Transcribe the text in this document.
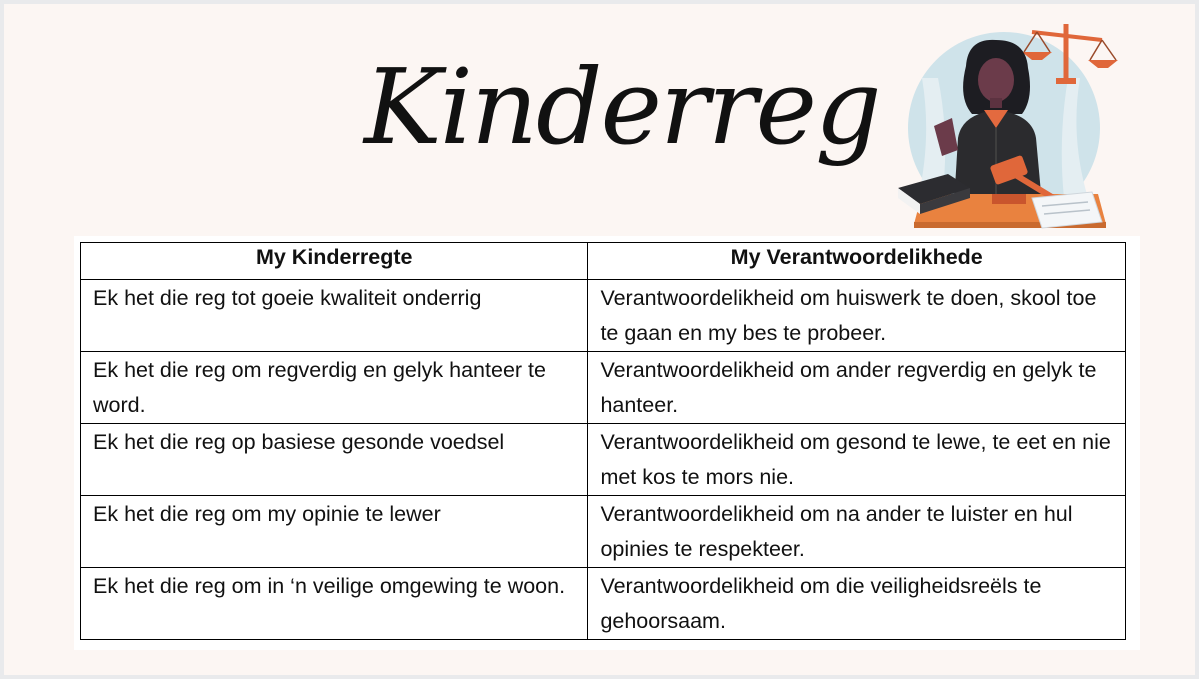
Kinderreg
My Kinderregte	My Verantwoordelikhede
Ek het die reg tot goeie kwaliteit onderrig	Verantwoordelikheid om huiswerk te doen, skool toe te gaan en my bes te probeer.
Ek het die reg om regverdig en gelyk hanteer te word.	Verantwoordelikheid om ander regverdig en gelyk te hanteer.
Ek het die reg op basiese gesonde voedsel	Verantwoordelikheid om gesond te lewe, te eet en nie met kos te mors nie.
Ek het die reg om my opinie te lewer	Verantwoordelikheid om na ander te luister en hul opinies te respekteer.
Ek het die reg om in ‘n veilige omgewing te woon.	Verantwoordelikheid om die veiligheidsreëls te gehoorsaam.
